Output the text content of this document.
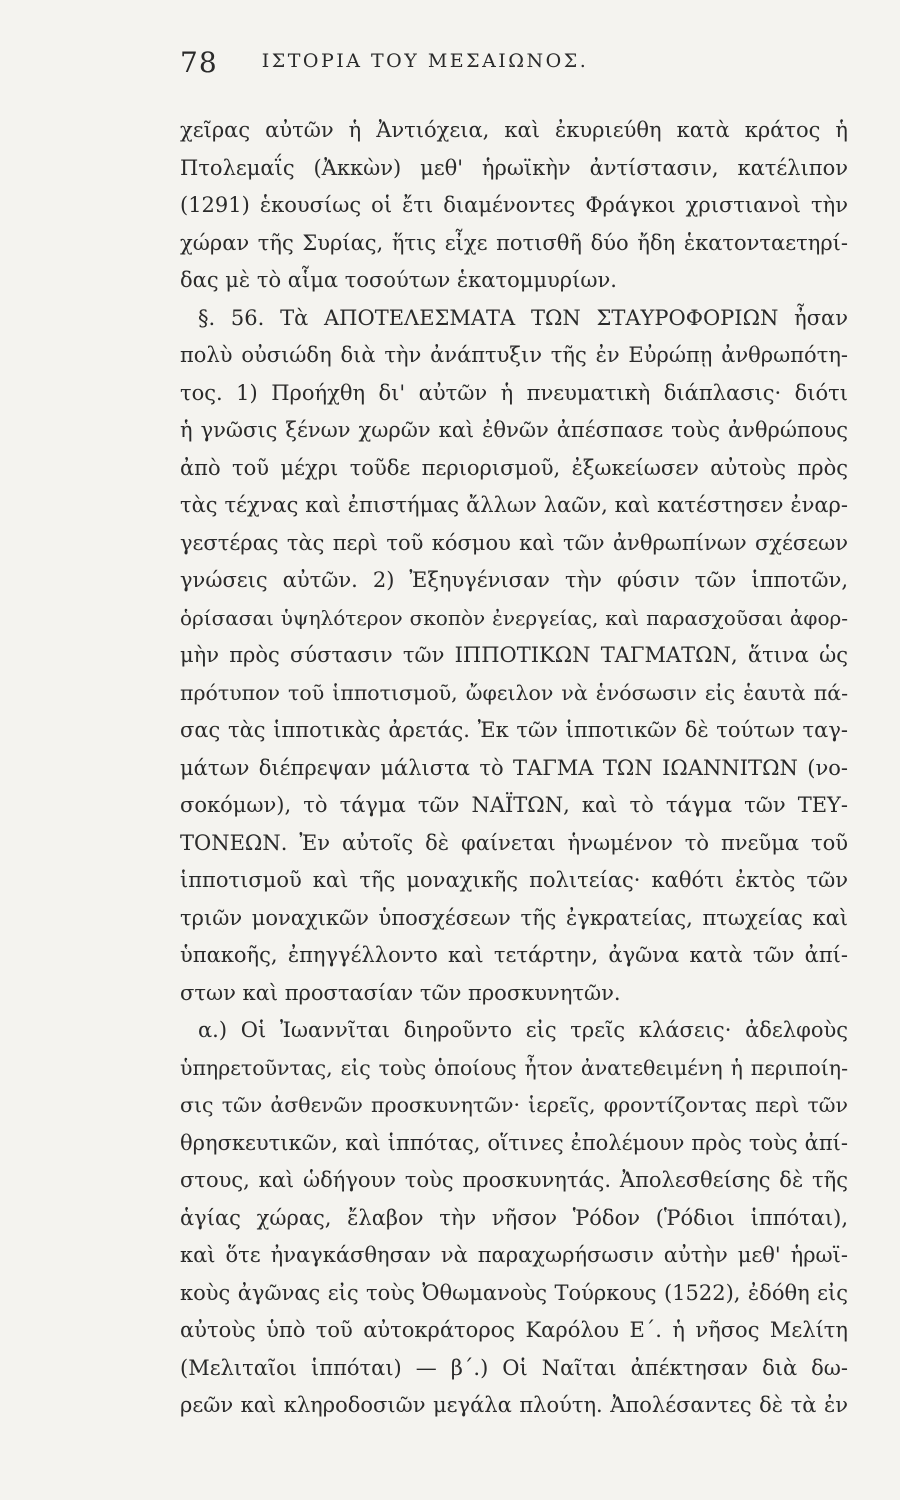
78	ΙΣΤΟΡΙΑ ΤΟΥ ΜΕΣΑΙΩΝΟΣ.
χεῖρας αὐτῶν ἡ Ἀντιόχεια, καὶ ἐκυριεύθη κατὰ κράτος ἡ
Πτολεμαΐς (Ἀκκὼν) μεθ' ἡρωϊκὴν ἀντίστασιν, κατέλιπον
(1291) ἑκουσίως οἱ ἔτι διαμένοντες Φράγκοι χριστιανοὶ τὴν
χώραν τῆς Συρίας, ἥτις εἶχε ποτισθῆ δύο ἤδη ἑκατονταετηρί-
δας μὲ τὸ αἷμα τοσούτων ἑκατομμυρίων.
§. 56. Τὰ ΑΠΟΤΕΛΕΣΜΑΤΑ ΤΩΝ ΣΤΑΥΡΟΦΟΡΙΩΝ ἦσαν
πολὺ οὐσιώδη διὰ τὴν ἀνάπτυξιν τῆς ἐν Εὐρώπῃ ἀνθρωπότη-
τος. 1) Προήχθη δι' αὐτῶν ἡ πνευματικὴ διάπλασις· διότι
ἡ γνῶσις ξένων χωρῶν καὶ ἐθνῶν ἀπέσπασε τοὺς ἀνθρώπους
ἀπὸ τοῦ μέχρι τοῦδε περιορισμοῦ, ἐξωκείωσεν αὐτοὺς πρὸς
τὰς τέχνας καὶ ἐπιστήμας ἄλλων λαῶν, καὶ κατέστησεν ἐναρ-
γεστέρας τὰς περὶ τοῦ κόσμου καὶ τῶν ἀνθρωπίνων σχέσεων
γνώσεις αὐτῶν. 2) Ἐξηυγένισαν τὴν φύσιν τῶν ἱπποτῶν,
ὁρίσασαι ὑψηλότερον σκοπὸν ἐνεργείας, καὶ παρασχοῦσαι ἀφορ-
μὴν πρὸς σύστασιν τῶν ΙΠΠΟΤΙΚΩΝ ΤΑΓΜΑΤΩΝ, ἅτινα ὡς
πρότυπον τοῦ ἱπποτισμοῦ, ὤφειλον νὰ ἑνόσωσιν εἰς ἑαυτὰ πά-
σας τὰς ἱπποτικὰς ἀρετάς. Ἐκ τῶν ἱπποτικῶν δὲ τούτων ταγ-
μάτων διέπρεψαν μάλιστα τὸ ΤΑΓΜΑ ΤΩΝ ΙΩΑΝΝΙΤΩΝ (νο-
σοκόμων), τὸ τάγμα τῶν ΝΑΪΤΩΝ, καὶ τὸ τάγμα τῶν ΤΕΥ-
ΤΟΝΕΩΝ. Ἐν αὐτοῖς δὲ φαίνεται ἡνωμένον τὸ πνεῦμα τοῦ
ἱπποτισμοῦ καὶ τῆς μοναχικῆς πολιτείας· καθότι ἐκτὸς τῶν
τριῶν μοναχικῶν ὑποσχέσεων τῆς ἐγκρατείας, πτωχείας καὶ
ὑπακοῆς, ἐπηγγέλλοντο καὶ τετάρτην, ἀγῶνα κατὰ τῶν ἀπί-
στων καὶ προστασίαν τῶν προσκυνητῶν.
α.) Οἱ Ἰωαννῖται διηροῦντο εἰς τρεῖς κλάσεις· ἀδελφοὺς
ὑπηρετοῦντας, εἰς τοὺς ὁποίους ἦτον ἀνατεθειμένη ἡ περιποίη-
σις τῶν ἀσθενῶν προσκυνητῶν· ἱερεῖς, φροντίζοντας περὶ τῶν
θρησκευτικῶν, καὶ ἱππότας, οἵτινες ἐπολέμουν πρὸς τοὺς ἀπί-
στους, καὶ ὡδήγουν τοὺς προσκυνητάς. Ἀπολεσθείσης δὲ τῆς
ἁγίας χώρας, ἔλαβον τὴν νῆσον Ῥόδον (Ῥόδιοι ἱππόται),
καὶ ὅτε ἠναγκάσθησαν νὰ παραχωρήσωσιν αὐτὴν μεθ' ἡρωϊ-
κοὺς ἀγῶνας εἰς τοὺς Ὀθωμανοὺς Τούρκους (1522), ἐδόθη εἰς
αὐτοὺς ὑπὸ τοῦ αὐτοκράτορος Καρόλου Ε΄. ἡ νῆσος Μελίτη
(Μελιταῖοι ἱππόται) — β΄.) Οἱ Ναῖται ἀπέκτησαν διὰ δω-
ρεῶν καὶ κληροδοσιῶν μεγάλα πλούτη. Ἀπολέσαντες δὲ τὰ ἐν
